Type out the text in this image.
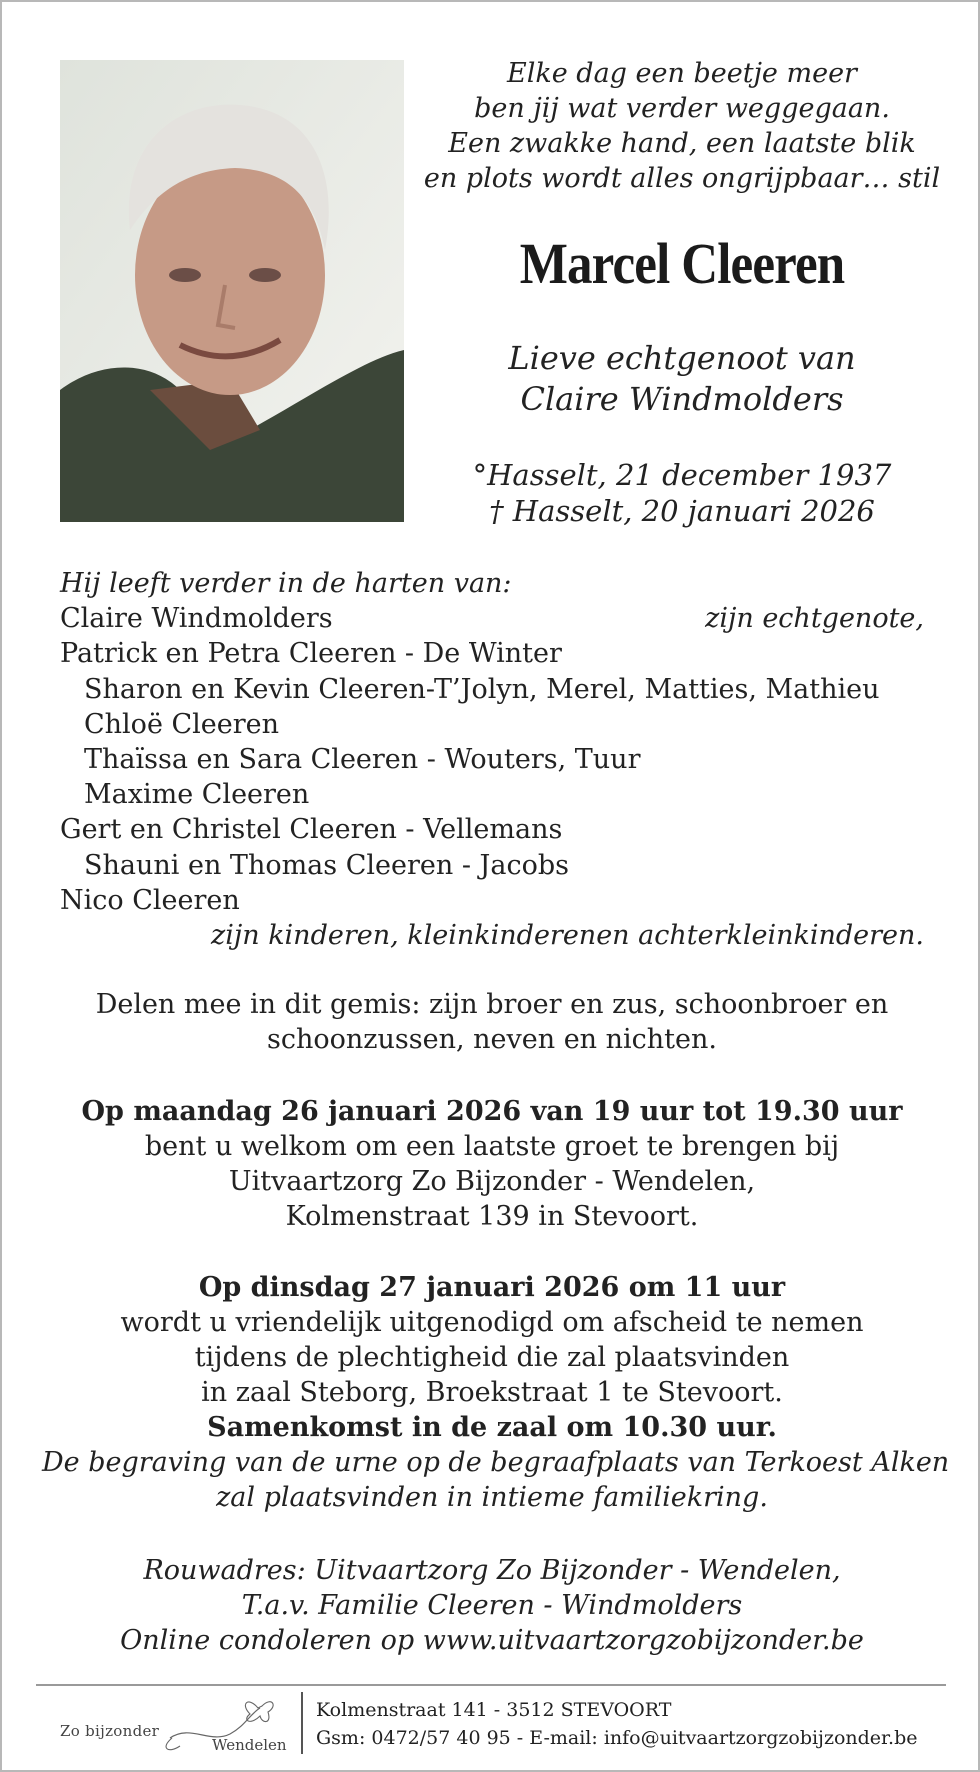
Elke dag een beetje meer
ben jij wat verder weggegaan.
Een zwakke hand, een laatste blik
en plots wordt alles ongrijpbaar… stil
Marcel Cleeren
Lieve echtgenoot van
Claire Windmolders
°Hasselt, 21 december 1937
† Hasselt, 20 januari 2026
Hij leeft verder in de harten van:
Claire Windmolders	zijn echtgenote,
Patrick en Petra Cleeren - De Winter
Sharon en Kevin Cleeren-T’Jolyn, Merel, Matties, Mathieu
Chloë Cleeren
Thaïssa en Sara Cleeren - Wouters, Tuur
Maxime Cleeren
Gert en Christel Cleeren - Vellemans
Shauni en Thomas Cleeren - Jacobs
Nico Cleeren
zijn kinderen, kleinkinderenen achterkleinkinderen.
Delen mee in dit gemis: zijn broer en zus, schoonbroer en
schoonzussen, neven en nichten.
Op maandag 26 januari 2026 van 19 uur tot 19.30 uur
bent u welkom om een laatste groet te brengen bij
Uitvaartzorg Zo Bijzonder - Wendelen,
Kolmenstraat 139 in Stevoort.
Op dinsdag 27 januari 2026 om 11 uur
wordt u vriendelijk uitgenodigd om afscheid te nemen
tijdens de plechtigheid die zal plaatsvinden
in zaal Steborg, Broekstraat 1 te Stevoort.
Samenkomst in de zaal om 10.30 uur.
De begraving van de urne op de begraafplaats van Terkoest Alken
zal plaatsvinden in intieme familiekring.
Rouwadres: Uitvaartzorg Zo Bijzonder - Wendelen,
T.a.v. Familie Cleeren - Windmolders
Online condoleren op www.uitvaartzorgzobijzonder.be
Zo bijzonder
Wendelen
Kolmenstraat 141 - 3512 STEVOORT
Gsm: 0472/57 40 95 - E-mail: info@uitvaartzorgzobijzonder.be
